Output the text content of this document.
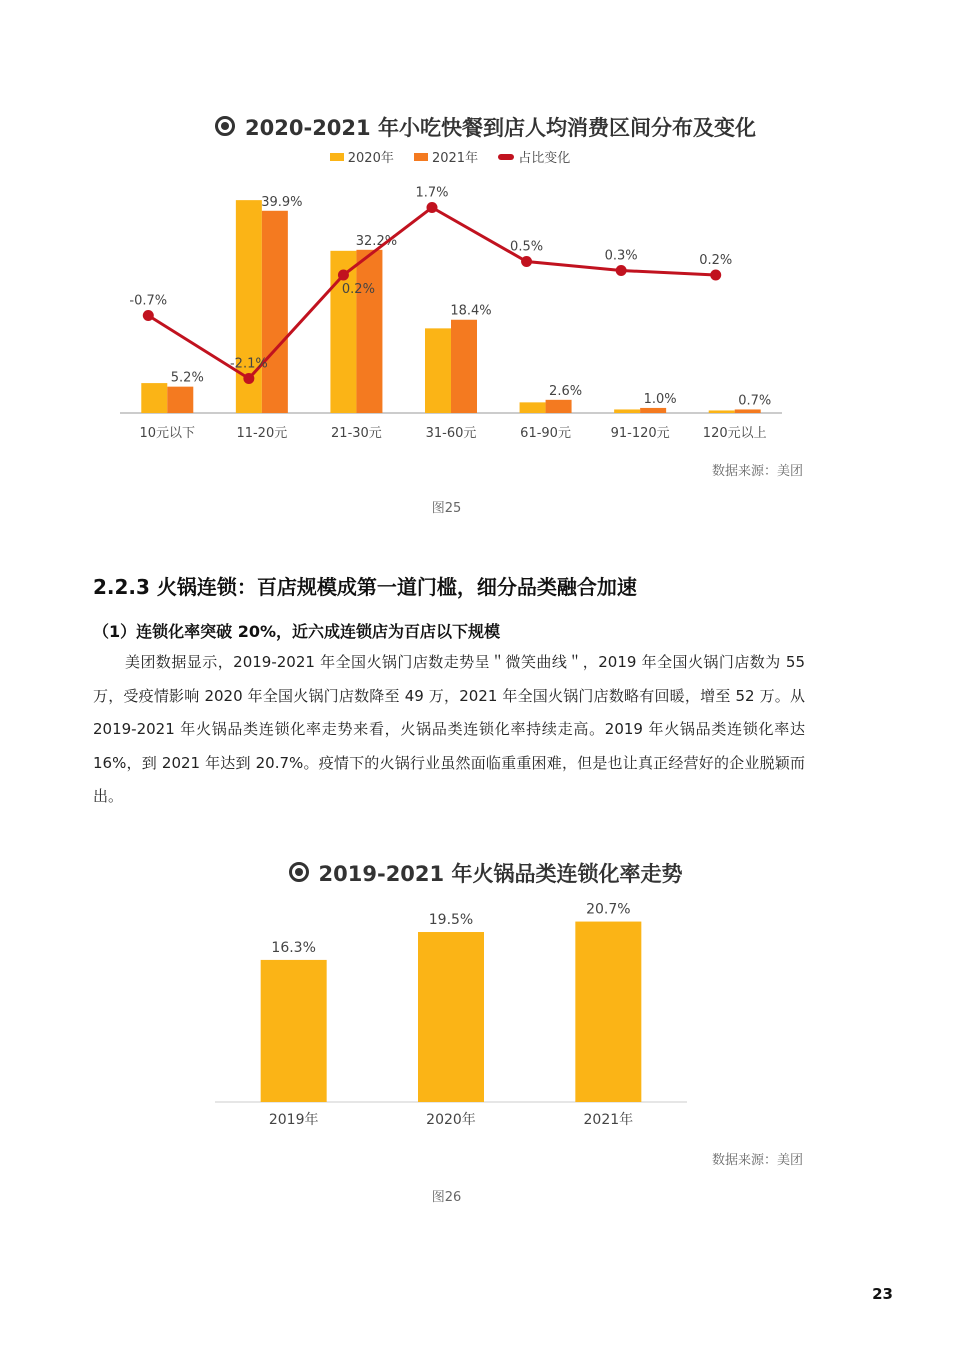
2020-2021 年小吃快餐到店人均消费区间分布及变化
2020年	2021年	占比变化
5.2%
10元以下
39.9%
11-20元
32.2%
21-30元
18.4%
31-60元
2.6%
61-90元
1.0%
91-120元
0.7%
120元以上
-0.7%
-2.1%
0.2%
1.7%
0.5%
0.3%	0.2%
数据来源：美团
图25
2.2.3 火锅连锁：百店规模成第一道门槛，细分品类融合加速
（1）连锁化率突破 20%，近六成连锁店为百店以下规模

美团数据显示，2019-2021 年全国火锅门店数走势呈＂微笑曲线＂，2019 年全国火锅门店数为 55 万，受疫情影响 2020 年全国火锅门店数降至 49 万，2021 年全国火锅门店数略有回暖，增至 52 万。从 2019-2021 年火锅品类连锁化率走势来看，火锅品类连锁化率持续走高。2019 年火锅品类连锁化率达 16%，到 2021 年达到 20.7%。疫情下的火锅行业虽然面临重重困难，但是也让真正经营好的企业脱颖而出。

2019-2021 年火锅品类连锁化率走势
16.3%
2019年
19.5%
2020年
20.7%
2021年
数据来源：美团
图26
23
